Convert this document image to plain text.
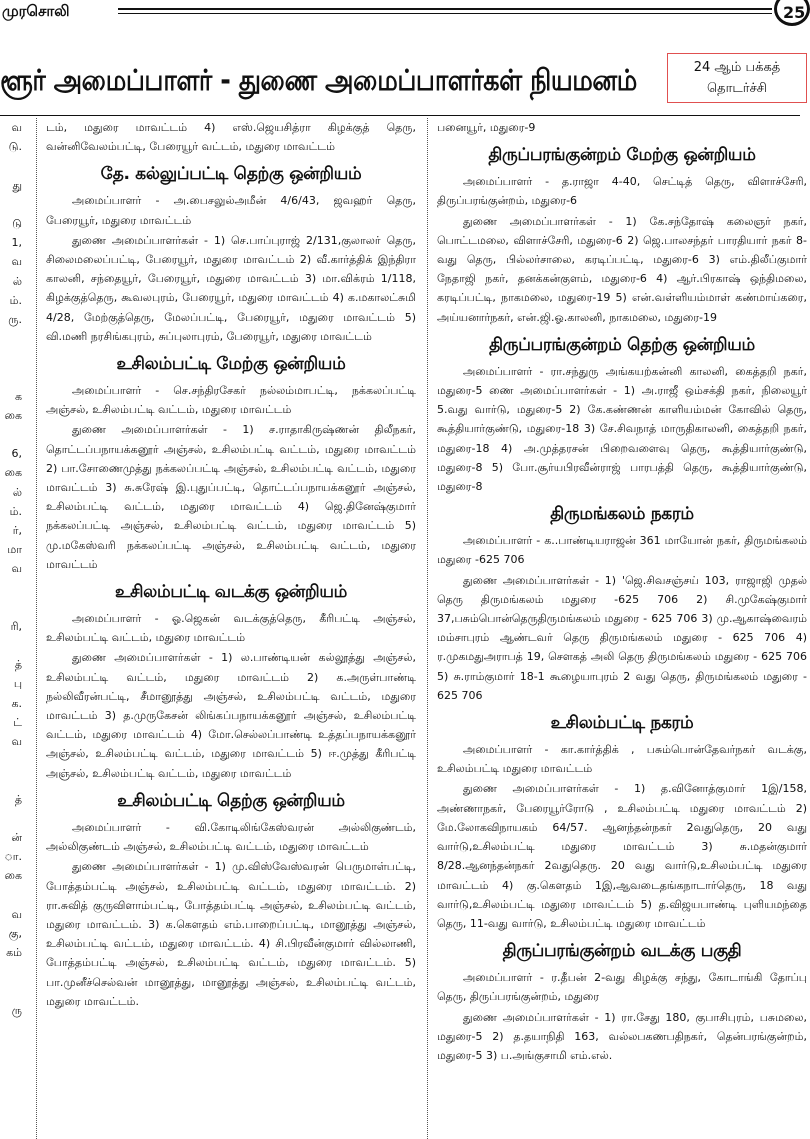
முரசொலி	25
ளூர் அமைப்பாளர் - துணை அமைப்பாளர்கள் நியமனம்	24 ஆம் பக்கத்
தொடர்ச்சி
வ
டு.
து
டு
1,
வ
ல்
ம்.
ரு.
க
கை
6,
கை
ல்
ம்.
ர்,
மா
வ
ரி,
த்
பு
க.
ட்
வ
த்
ன்
ா.
கை
வ
கு,
கம்
ரு
டம், மதுரை மாவட்டம் 4) எஸ்.ஜெயசித்ரா கிழக்குத் தெரு, வன்னிவேலம்பட்டி, பேரையூர் வட்டம், மதுரை மாவட்டம்
தே. கல்லுப்பட்டி தெற்கு ஒன்றியம்
அமைப்பாளர் - அ.பைசலுல்அமீன் 4/6/43, ஜவஹர் தெரு, பேரையூர், மதுரை மாவட்டம்
துணை அமைப்பாளர்கள் - 1) செ.பாப்புராஜ் 2/131,குலாலர் தெரு, சிலைமலைப்பட்டி, பேரையூர், மதுரை மாவட்டம் 2) வீ.கார்த்திக் இந்திரா காலனி, சந்தையூர், பேரையூர், மதுரை மாவட்டம் 3) மா.விக்ரம் 1/118, கிழக்குத்தெரு, கூவலபுரம், பேரையூர், மதுரை மாவட்டம் 4) க.மகாலட்சுமி 4/28, மேற்குத்தெரு, மேலப்பட்டி, பேரையூர், மதுரை மாவட்டம் 5) வி.மணி நரசிங்கபுரம், சுப்புலாபுரம், பேரையூர், மதுரை மாவட்டம்
உசிலம்பட்டி மேற்கு ஒன்றியம்
அமைப்பாளர் - செ.சந்திரசேகர் நல்லம்மாபட்டி, நக்கலப்பட்டி அஞ்சல், உசிலம்பட்டி வட்டம், மதுரை மாவட்டம்
துணை அமைப்பாளர்கள் - 1) ச.ராதாகிருஷ்ணன் திலீநகர், தொட்டப்பநாயக்கனூர் அஞ்சல், உசிலம்பட்டி வட்டம், மதுரை மாவட்டம் 2) பா.சோணைமுத்து நக்கலப்பட்டி அஞ்சல், உசிலம்பட்டி வட்டம், மதுரை மாவட்டம் 3) சு.சுரேஷ் இ.புதுப்பட்டி, தொட்டப்பநாயக்கனூர் அஞ்சல், உசிலம்பட்டி வட்டம், மதுரை மாவட்டம் 4) ஜெ.தினேஷ்குமார் நக்கலப்பட்டி அஞ்சல், உசிலம்பட்டி வட்டம், மதுரை மாவட்டம் 5) மு.மகேஸ்வரி நக்கலப்பட்டி அஞ்சல், உசிலம்பட்டி வட்டம், மதுரை மாவட்டம்
உசிலம்பட்டி வடக்கு ஒன்றியம்
அமைப்பாளர் - ஓ.ஜெகன் வடக்குத்தெரு, கீரிபட்டி அஞ்சல், உசிலம்பட்டி வட்டம், மதுரை மாவட்டம்
துணை அமைப்பாளர்கள் - 1) ல.பாண்டியன் கல்லூத்து அஞ்சல், உசிலம்பட்டி வட்டம், மதுரை மாவட்டம் 2) க.அருள்பாண்டி நல்லிவீரன்பட்டி, சீமானூத்து அஞ்சல், உசிலம்பட்டி வட்டம், மதுரை மாவட்டம் 3) த.முருகேசன் லிங்கப்பநாயக்கனூர் அஞ்சல், உசிலம்பட்டி வட்டம், மதுரை மாவட்டம் 4) மோ.செல்லப்பாண்டி உத்தப்பநாயக்கனூர் அஞ்சல், உசிலம்பட்டி வட்டம், மதுரை மாவட்டம் 5) ஈ.முத்து கீரிபட்டி அஞ்சல், உசிலம்பட்டி வட்டம், மதுரை மாவட்டம்
உசிலம்பட்டி தெற்கு ஒன்றியம்
அமைப்பாளர் - வி.கோடிலிங்கேஸ்வரன் அல்லிகுண்டம், அல்லிகுண்டம் அஞ்சல், உசிலம்பட்டி வட்டம், மதுரை மாவட்டம்
துணை அமைப்பாளர்கள் - 1) மு.விஸ்வேஸ்வரன் பெருமாள்பட்டி, போத்தம்பட்டி அஞ்சல், உசிலம்பட்டி வட்டம், மதுரை மாவட்டம். 2) ரா.சுவித் குருவிளாம்பட்டி, போத்தம்பட்டி அஞ்சல், உசிலம்பட்டி வட்டம், மதுரை மாவட்டம். 3) க.கௌதம் எம்.பாறைப்பட்டி, மானூத்து அஞ்சல், உசிலம்பட்டி வட்டம், மதுரை மாவட்டம். 4) சி.பிரவீன்குமார் வில்லாணி, போத்தம்பட்டி அஞ்சல், உசிலம்பட்டி வட்டம், மதுரை மாவட்டம். 5) பா.முனீச்செல்வன் மானூத்து, மானூத்து அஞ்சல், உசிலம்பட்டி வட்டம், மதுரை மாவட்டம்.
பனையூர், மதுரை-9
திருப்பரங்குன்றம் மேற்கு ஒன்றியம்
அமைப்பாளர் - த.ராஜா 4-40, செட்டித் தெரு, விளாச்சேரி, திருப்பரங்குன்றம், மதுரை-6
துணை அமைப்பாளர்கள் - 1) கே.சந்தோஷ் கலைஞர் நகர், பொட்டமலை, விளாச்சேரி, மதுரை-6 2) ஜெ.பாலசந்தர் பாரதியார் நகர் 8-வது தெரு, பில்லர்சாலை, கரடிப்பட்டி, மதுரை-6 3) எம்.திலீப்குமார் நேதாஜி நகர், தனக்கன்குளம், மதுரை-6 4) ஆர்.பிரகாஷ் ஒந்திமலை, கரடிப்பட்டி, நாகமலை, மதுரை-19 5) என்.வள்ளியம்மாள் கண்மாய்கரை, அய்யனார்நகர், என்.ஜி.ஓ.காலனி, நாகமலை, மதுரை-19
திருப்பரங்குன்றம் தெற்கு ஒன்றியம்
அமைப்பாளர் - ரா.சந்துரு அங்கயற்கன்னி காலனி, கைத்தறி நகர், மதுரை-5 ணை அமைப்பாளர்கள் - 1) அ.ராஜீ ஒம்சக்தி நகர், நிலையூர் 5.வது வார்டு, மதுரை-5 2) கே.கண்ணன் காளியம்மன் கோவில் தெரு, கூத்தியார்குண்டு, மதுரை-18 3) சே.சிவநாத் மாருதிகாலனி, கைத்தறி நகர், மதுரை-18 4) அ.முத்தரசன் பிறைவளைவு தெரு, கூத்தியார்குண்டு, மதுரை-8 5) போ.சூர்யபிரவீன்ராஜ் பாரபத்தி தெரு, கூத்தியார்குண்டு, மதுரை-8
திருமங்கலம் நகரம்
அமைப்பாளர் - க..பாண்டியராஜன் 361 மாயோன் நகர், திருமங்கலம் மதுரை -625 706
துணை அமைப்பாளர்கள் - 1) 'ஜெ.சிவசஞ்சய் 103, ராஜாஜி முதல் தெரு திருமங்கலம் மதுரை -625 706 2) சி.முகேஷ்குமார் 37,பசும்பொன்தெருதிருமங்கலம் மதுரை - 625 706 3) மு.ஆகாஷ்வைரம் மம்சாபுரம் ஆண்டவர் தெரு திருமங்கலம் மதுரை - 625 706 4) ர.முகமதுஅராபத் 19, சௌகத் அலி தெரு திருமங்கலம் மதுரை - 625 706 5) சு.ராம்குமார் 18-1 கூழையாபுரம் 2 வது தெரு, திருமங்கலம் மதுரை - 625 706
உசிலம்பட்டி நகரம்
அமைப்பாளர் - கா.கார்த்திக் , பசும்பொன்தேவர்நகர் வடக்கு, உசிலம்பட்டி மதுரை மாவட்டம்
துணை அமைப்பாளர்கள் - 1) த.வினோத்குமார் 1இ/158, அண்ணாநகர், பேரையூர்ரோடு , உசிலம்பட்டி மதுரை மாவட்டம் 2) மே.லோகவிநாயகம் 64/57. ஆனந்தன்நகர் 2வதுதெரு, 20 வது வார்டு,உசிலம்பட்டி மதுரை மாவட்டம் 3) சு.மதன்குமார் 8/28.ஆனந்தன்நகர் 2வதுதெரு. 20 வது வார்டு,உசிலம்பட்டி மதுரை மாவட்டம் 4) கு.கௌதம் 1இ,ஆவடைதங்கநாடார்தெரு, 18 வது வார்டு,உசிலம்பட்டி மதுரை மாவட்டம் 5) த.விஜயபாண்டி புளியமந்தை தெரு, 11-வது வார்டு, உசிலம்பட்டி மதுரை மாவட்டம்
திருப்பரங்குன்றம் வடக்கு பகுதி
அமைப்பாளர் - ர.தீபன் 2-வது கிழக்கு சந்து, கோடாங்கி தோப்பு தெரு, திருப்பரங்குன்றம், மதுரை
துணை அமைப்பாளர்கள் - 1) ரா.சேது 180, குபாசிபுரம், பசுமலை, மதுரை-5 2) த.தயாநிதி 163, வல்லபகணபதிநகர், தென்பரங்குன்றம், மதுரை-5 3) ப.அங்குசாமி எம்.எல்.
